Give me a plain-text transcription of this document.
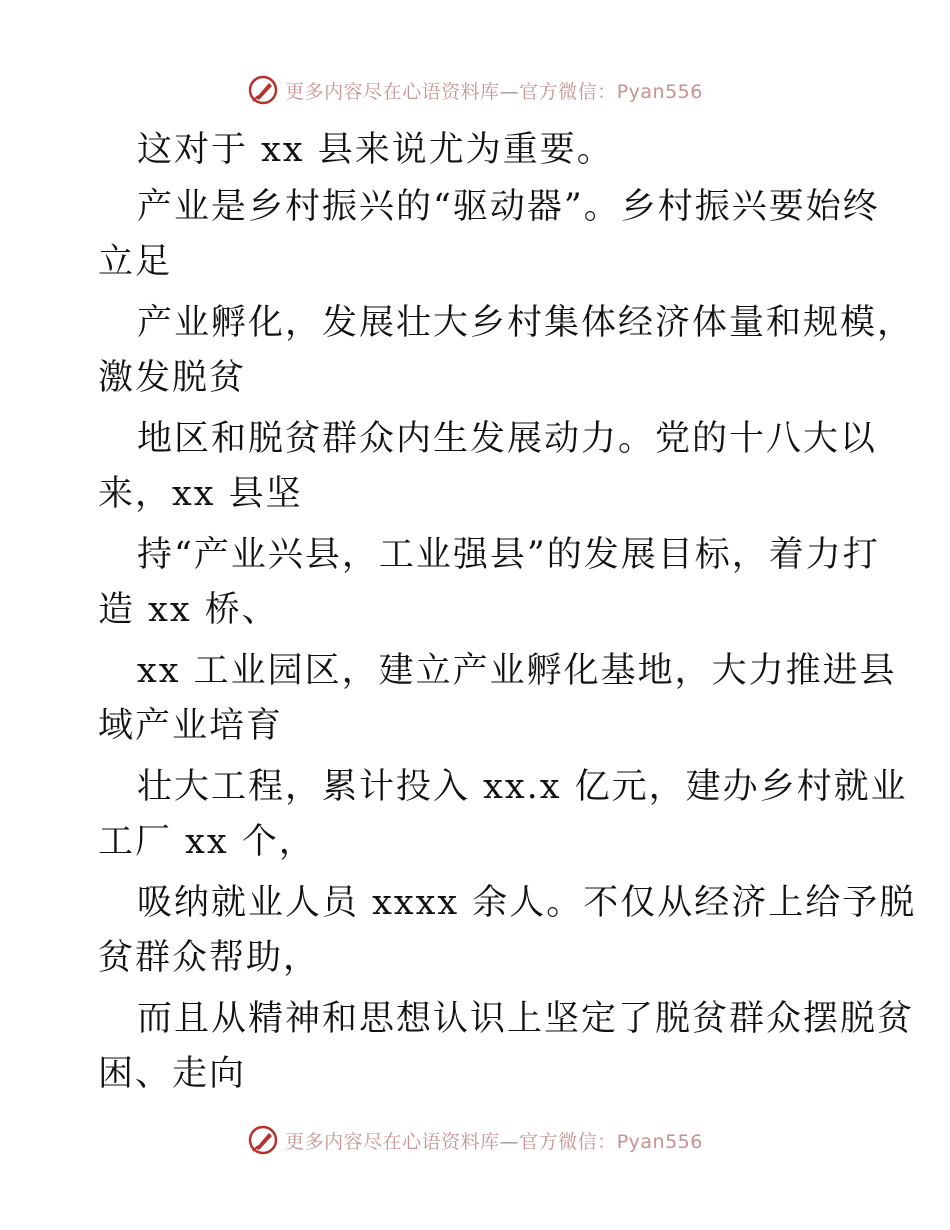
更多内容尽在心语资料库—官方微信：Pyan556
这对于 xx 县来说尤为重要。
产业是乡村振兴的“驱动器”。乡村振兴要始终
立足
产业孵化，发展壮大乡村集体经济体量和规模，
激发脱贫
地区和脱贫群众内生发展动力。党的十八大以
来，xx 县坚
持“产业兴县，工业强县”的发展目标，着力打
造 xx 桥、
xx 工业园区，建立产业孵化基地，大力推进县
域产业培育
壮大工程，累计投入 xx.x 亿元，建办乡村就业
工厂 xx 个，
吸纳就业人员 xxxx 余人。不仅从经济上给予脱
贫群众帮助，
而且从精神和思想认识上坚定了脱贫群众摆脱贫
困、走向
更多内容尽在心语资料库—官方微信：Pyan556
